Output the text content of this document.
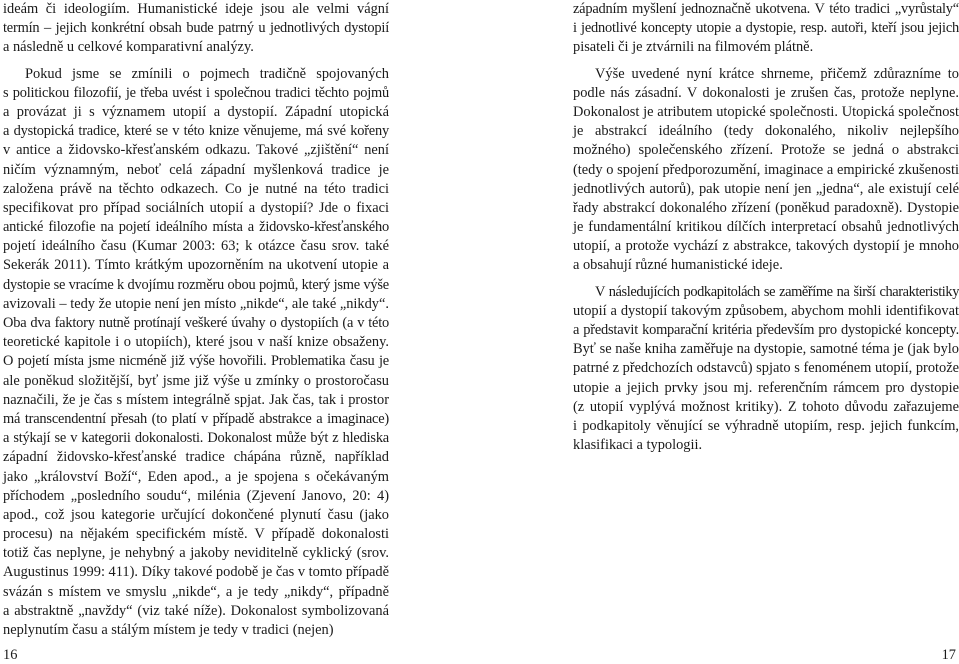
ideám či ideologiím. Humanistické ideje jsou ale velmi vágní
termín – jejich konkrétní obsah bude patrný u jednotlivých dystopií
a následně u celkové komparativní analýzy.
Pokud jsme se zmínili o pojmech tradičně spojovaných
s politickou filozofií, je třeba uvést i společnou tradici těchto pojmů
a provázat ji s významem utopií a dystopií. Západní utopická
a dystopická tradice, které se v této knize věnujeme, má své kořeny
v antice a židovsko-křesťanském odkazu. Takové „zjištění“ není
ničím významným, neboť celá západní myšlenková tradice je
založena právě na těchto odkazech. Co je nutné na této tradici
specifikovat pro případ sociálních utopií a dystopií? Jde o fixaci
antické filozofie na pojetí ideálního místa a židovsko-křesťanského
pojetí ideálního času (Kumar 2003: 63; k otázce času srov. také
Sekerák 2011). Tímto krátkým upozorněním na ukotvení utopie a
dystopie se vracíme k dvojímu rozměru obou pojmů, který jsme výše
avizovali – tedy že utopie není jen místo „nikde“, ale také „nikdy“.
Oba dva faktory nutně protínají veškeré úvahy o dystopiích (a v této
teoretické kapitole i o utopiích), které jsou v naší knize obsaženy.
O pojetí místa jsme nicméně již výše hovořili. Problematika času je
ale poněkud složitější, byť jsme již výše u zmínky o prostoročasu
naznačili, že je čas s místem integrálně spjat. Jak čas, tak i prostor
má transcendentní přesah (to platí v případě abstrakce a imaginace)
a stýkají se v kategorii dokonalosti. Dokonalost může být z hlediska
západní židovsko-křesťanské tradice chápána různě, například
jako „království Boží“, Eden apod., a je spojena s očekávaným
příchodem „posledního soudu“, milénia (Zjevení Janovo, 20: 4)
apod., což jsou kategorie určující dokončené plynutí času (jako
procesu) na nějakém specifickém místě. V případě dokonalosti
totiž čas neplyne, je nehybný a jakoby neviditelně cyklický (srov.
Augustinus 1999: 411). Díky takové podobě je čas v tomto případě
svázán s místem ve smyslu „nikde“, a je tedy „nikdy“, případně
a abstraktně „navždy“ (viz také níže). Dokonalost symbolizovaná
neplynutím času a stálým místem je tedy v tradici (nejen)
západním myšlení jednoznačně ukotvena. V této tradici „vyrůstaly“
i jednotlivé koncepty utopie a dystopie, resp. autoři, kteří jsou jejich
pisateli či je ztvárnili na filmovém plátně.
Výše uvedené nyní krátce shrneme, přičemž zdůrazníme to
podle nás zásadní. V dokonalosti je zrušen čas, protože neplyne.
Dokonalost je atributem utopické společnosti. Utopická společnost
je abstrakcí ideálního (tedy dokonalého, nikoliv nejlepšího
možného) společenského zřízení. Protože se jedná o abstrakci
(tedy o spojení předporozumění, imaginace a empirické zkušenosti
jednotlivých autorů), pak utopie není jen „jedna“, ale existují celé
řady abstrakcí dokonalého zřízení (poněkud paradoxně). Dystopie
je fundamentální kritikou dílčích interpretací obsahů jednotlivých
utopií, a protože vychází z abstrakce, takových dystopií je mnoho
a obsahují různé humanistické ideje.
V následujících podkapitolách se zaměříme na širší charakteristiky
utopií a dystopií takovým způsobem, abychom mohli identifikovat
a představit komparační kritéria především pro dystopické koncepty.
Byť se naše knihа zaměřuje na dystopie, samotné téma je (jak bylo
patrné z předchozích odstavců) spjato s fenoménem utopií, protože
utopie a jejich prvky jsou mj. referenčním rámcem pro dystopie
(z utopií vyplývá možnost kritiky). Z tohoto důvodu zařazujeme
i podkapitoly věnující se výhradně utopiím, resp. jejich funkcím,
klasifikaci a typologii.
16	17
